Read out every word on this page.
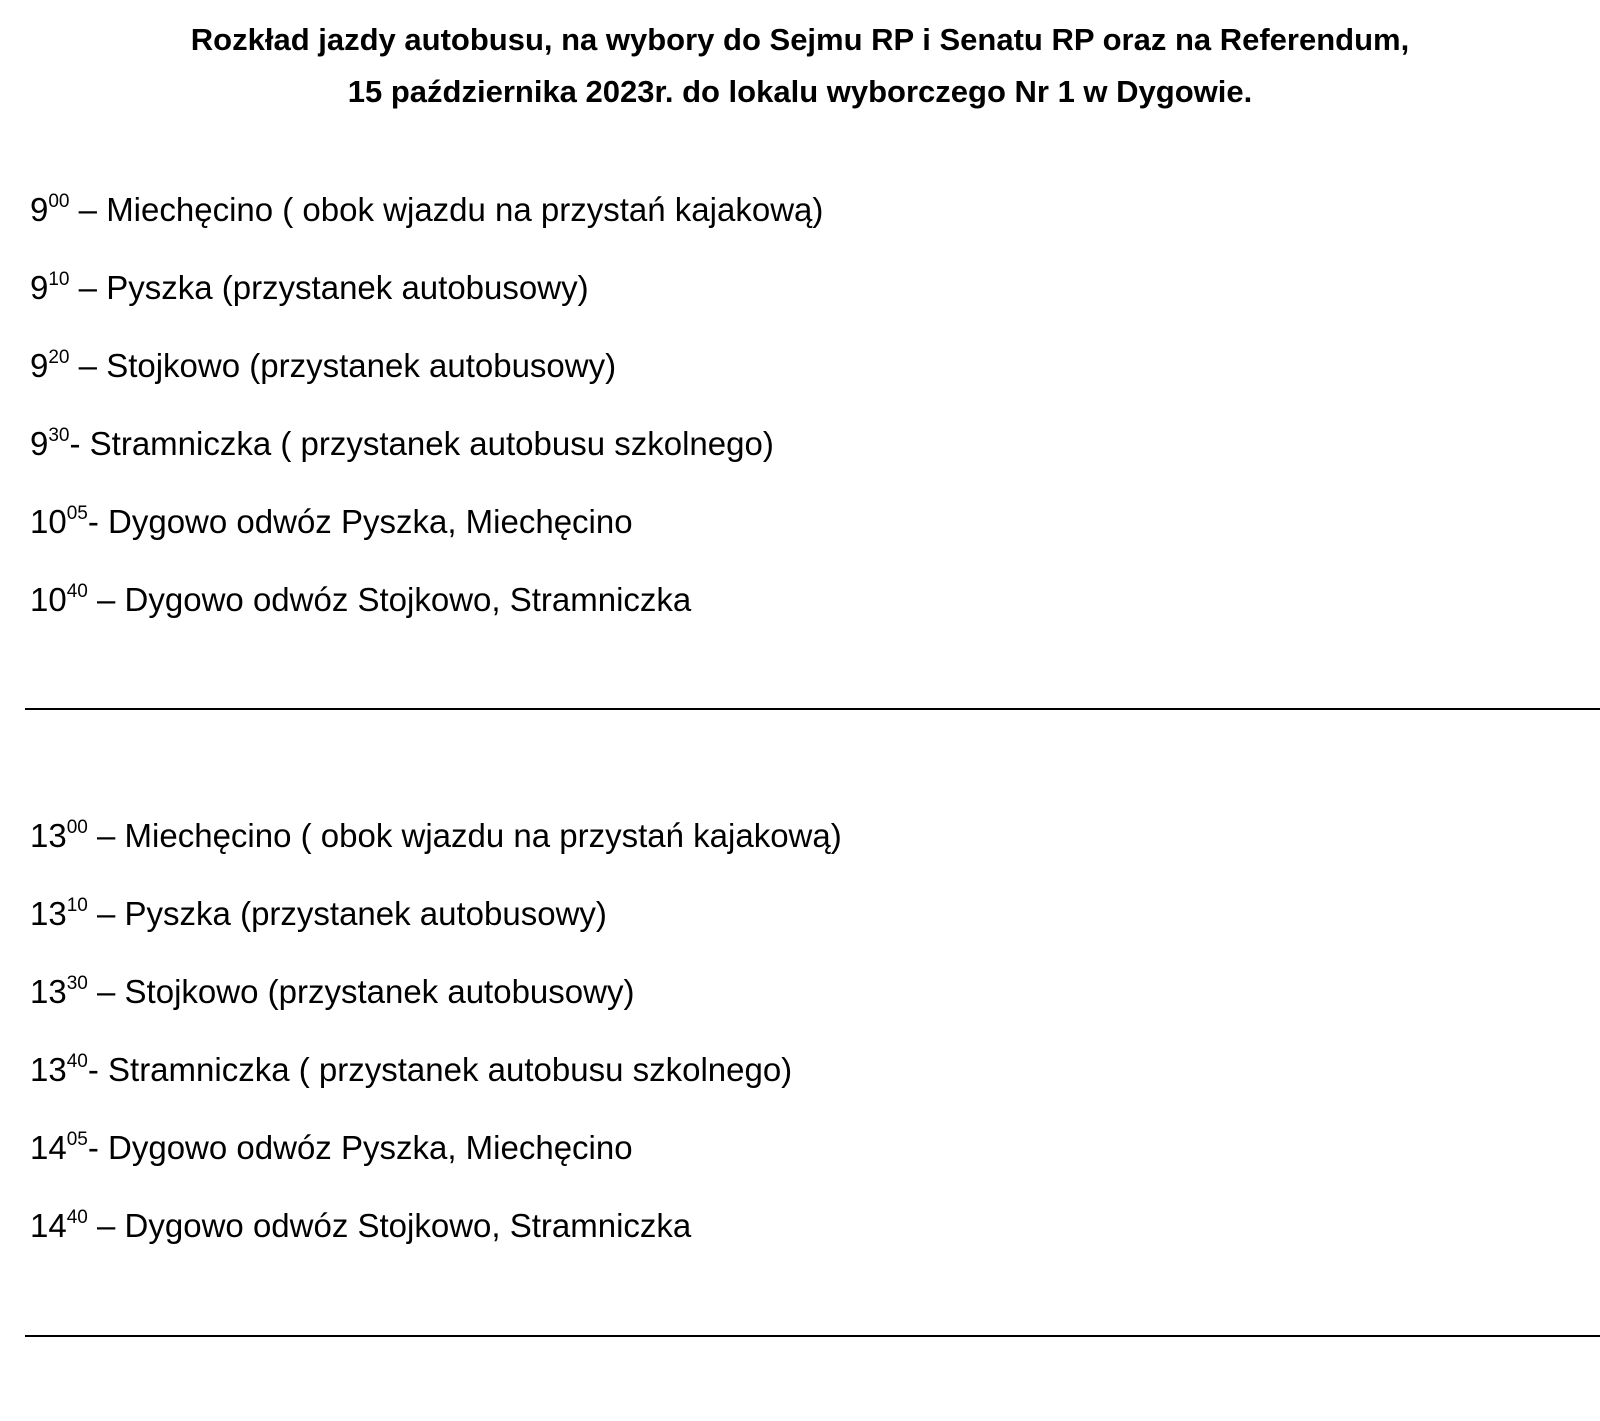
Rozkład jazdy autobusu, na wybory do Sejmu RP i Senatu RP oraz na Referendum,
15 października 2023r. do lokalu wyborczego Nr 1 w Dygowie.
$9^{00}$ – Miechęcino ( obok wjazdu na przystań kajakową)
$9^{10}$ – Pyszka (przystanek autobusowy)
$9^{20}$ – Stojkowo (przystanek autobusowy)
$9^{30}-$ Stramniczka ( przystanek autobusu szkolnego)
$10^{05}-$ Dygowo odwóz Pyszka, Miechęcino
$10^{40}$ – Dygowo odwóz Stojkowo, Stramniczka
$13^{00}$ – Miechęcino ( obok wjazdu na przystań kajakową)
$13^{10}$ – Pyszka (przystanek autobusowy)
$13^{30}$ – Stojkowo (przystanek autobusowy)
$13^{40}-$ Stramniczka ( przystanek autobusu szkolnego)
$14^{05}-$ Dygowo odwóz Pyszka, Miechęcino
$14^{40}$ – Dygowo odwóz Stojkowo, Stramniczka
